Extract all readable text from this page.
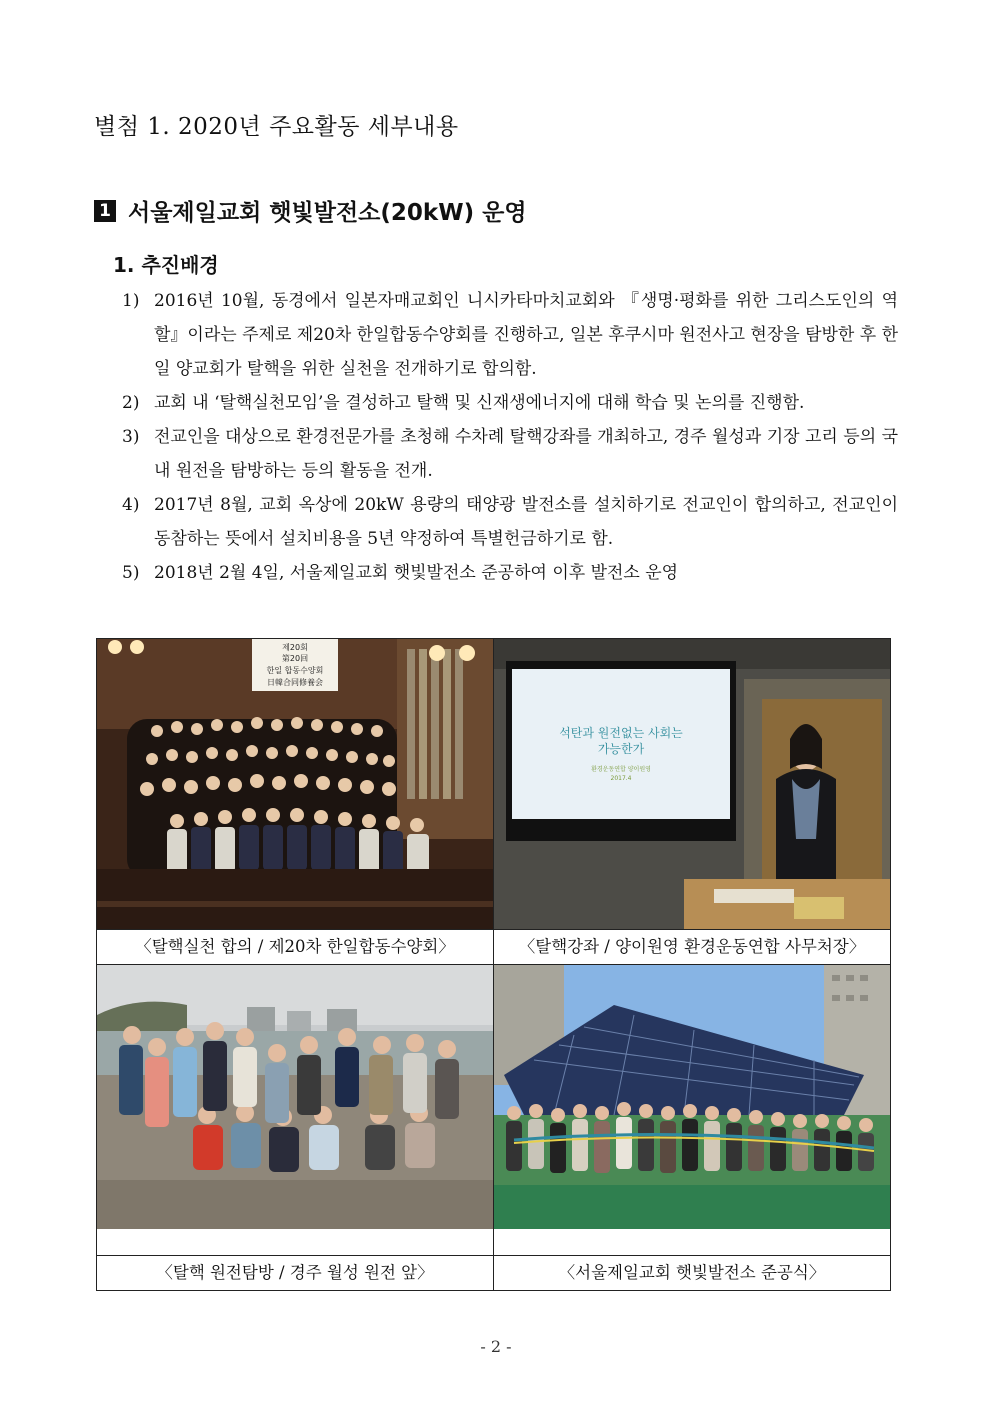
별첨 1. 2020년 주요활동 세부내용
1 서울제일교회 햇빛발전소(20kW) 운영
1. 추진배경
1) 2016년 10월, 동경에서 일본자매교회인 니시카타마치교회와 『생명·평화를 위한 그리스도인의 역할』이라는 주제로 제20차 한일합동수양회를 진행하고, 일본 후쿠시마 원전사고 현장을 탐방한 후 한일 양교회가 탈핵을 위한 실천을 전개하기로 합의함.
2) 교회 내 ‘탈핵실천모임’을 결성하고 탈핵 및 신재생에너지에 대해 학습 및 논의를 진행함.
3) 전교인을 대상으로 환경전문가를 초청해 수차례 탈핵강좌를 개최하고, 경주 월성과 기장 고리 등의 국내 원전을 탐방하는 등의 활동을 전개.
4) 2017년 8월, 교회 옥상에 20kW 용량의 태양광 발전소를 설치하기로 전교인이 합의하고, 전교인이 동참하는 뜻에서 설치비용을 5년 약정하여 특별헌금하기로 함.
5) 2018년 2월 4일, 서울제일교회 햇빛발전소 준공하여 이후 발전소 운영
제20회
第20回
한일 합동수양회
日韓合同修養会	석탄과 원전없는 사회는
가능한가
환경운동연합 양이원영
2017.4

〈탈핵실천 합의 / 제20차 한일합동수양회〉	〈탈핵강좌 / 양이원영 환경운동연합 사무처장〉

〈탈핵 원전탐방 / 경주 월성 원전 앞〉	〈서울제일교회 햇빛발전소 준공식〉
- 2 -
